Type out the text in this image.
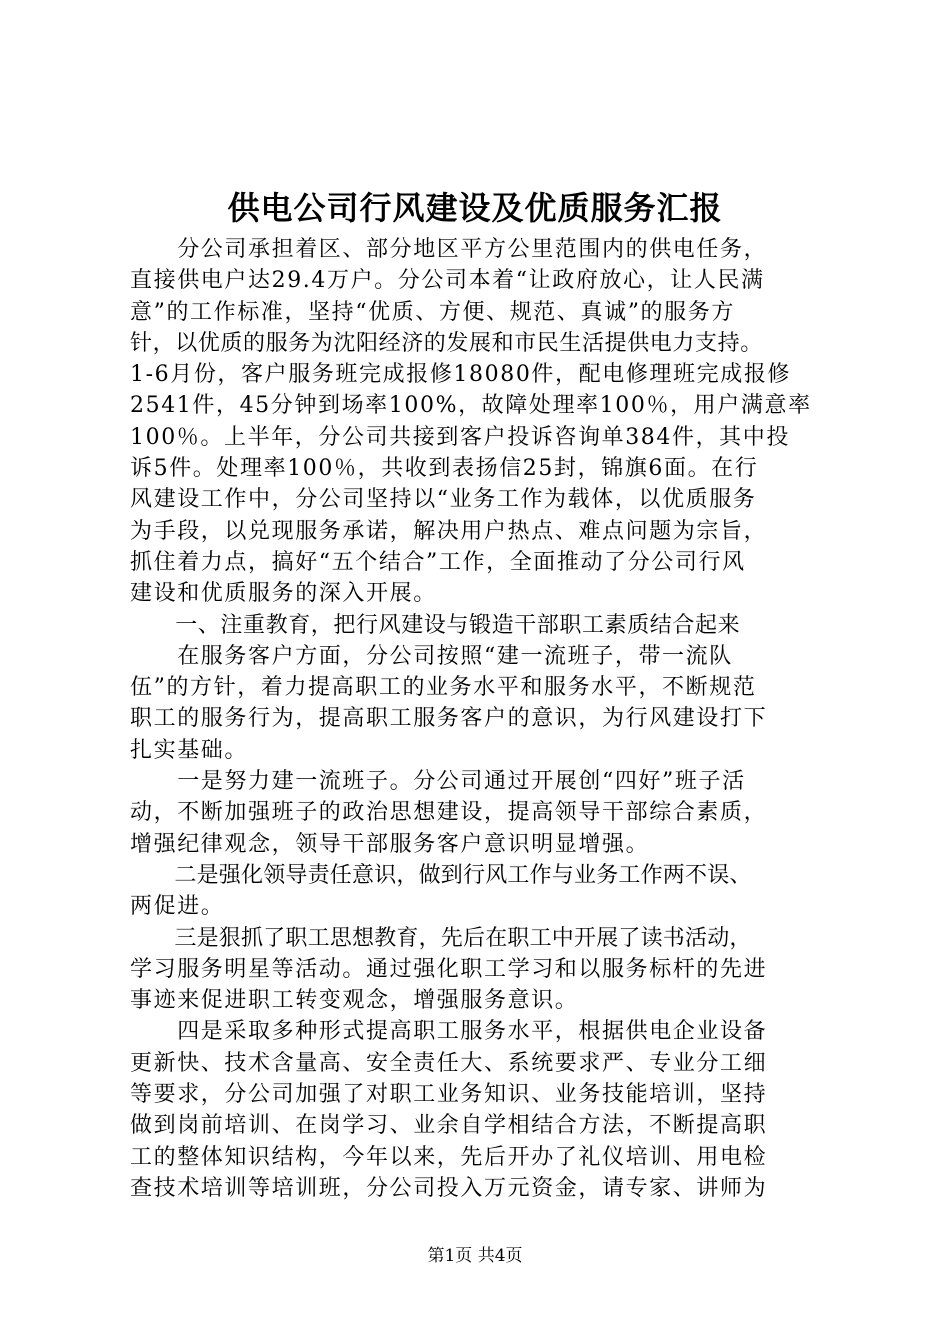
供电公司行风建设及优质服务汇报
　　分公司承担着区、部分地区平方公里范围内的供电任务，
直接供电户达29.4万户。分公司本着“让政府放心，让人民满
意”的工作标准，坚持“优质、方便、规范、真诚”的服务方
针，以优质的服务为沈阳经济的发展和市民生活提供电力支持。
1-6月份，客户服务班完成报修18080件，配电修理班完成报修
2541件，45分钟到场率100%，故障处理率100％，用户满意率
100％。上半年，分公司共接到客户投诉咨询单384件，其中投
诉5件。处理率100％，共收到表扬信25封，锦旗6面。在行
风建设工作中，分公司坚持以“业务工作为载体，以优质服务
为手段，以兑现服务承诺，解决用户热点、难点问题为宗旨，
抓住着力点，搞好“五个结合”工作，全面推动了分公司行风
建设和优质服务的深入开展。
　　一、注重教育，把行风建设与锻造干部职工素质结合起来
　　在服务客户方面，分公司按照“建一流班子，带一流队
伍”的方针，着力提高职工的业务水平和服务水平，不断规范
职工的服务行为，提高职工服务客户的意识，为行风建设打下
扎实基础。
　　一是努力建一流班子。分公司通过开展创“四好”班子活
动，不断加强班子的政治思想建设，提高领导干部综合素质，
增强纪律观念，领导干部服务客户意识明显增强。
　　二是强化领导责任意识，做到行风工作与业务工作两不误、
两促进。
　　三是狠抓了职工思想教育，先后在职工中开展了读书活动，
学习服务明星等活动。通过强化职工学习和以服务标杆的先进
事迹来促进职工转变观念，增强服务意识。
　　四是采取多种形式提高职工服务水平，根据供电企业设备
更新快、技术含量高、安全责任大、系统要求严、专业分工细
等要求，分公司加强了对职工业务知识、业务技能培训，坚持
做到岗前培训、在岗学习、业余自学相结合方法，不断提高职
工的整体知识结构，今年以来，先后开办了礼仪培训、用电检
查技术培训等培训班，分公司投入万元资金，请专家、讲师为
第1页 共4页
